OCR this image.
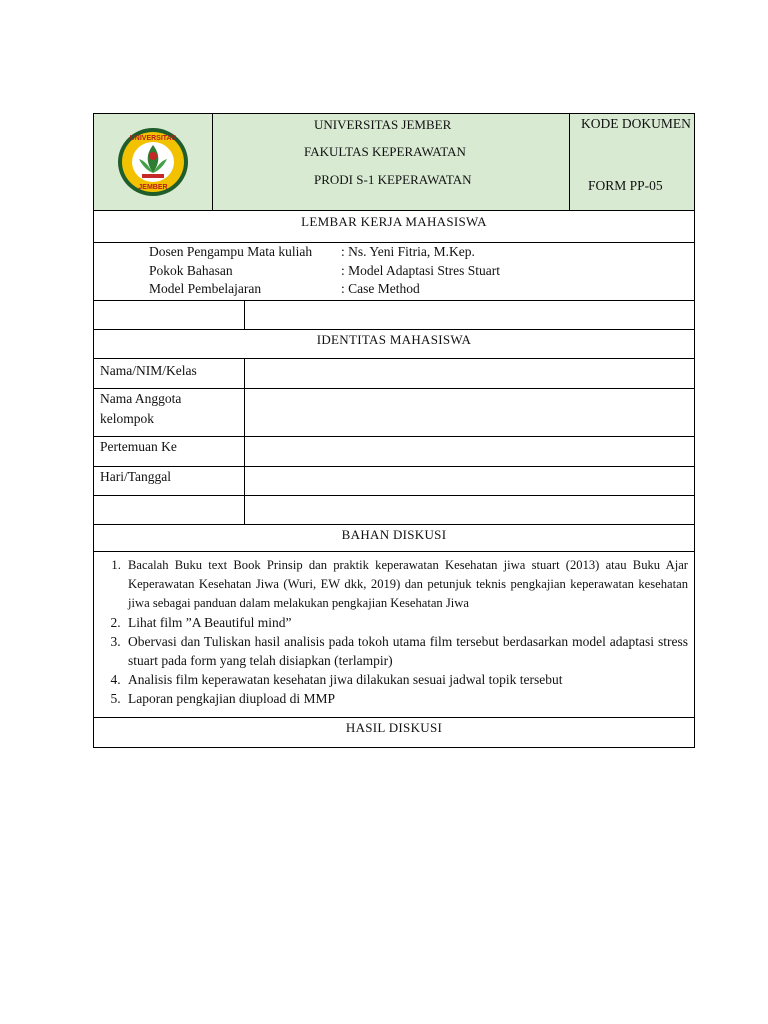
UNIVERSITAS
JEMBER
UNIVERSITAS JEMBER
FAKULTAS KEPERAWATAN
PRODI S-1 KEPERAWATAN
KODE DOKUMEN
FORM PP-05
LEMBAR KERJA MAHASISWA
Dosen Pengampu Mata kuliah : Ns. Yeni Fitria, M.Kep.
Pokok Bahasan	: Model Adaptasi Stres Stuart
Model Pembelajaran	: Case Method
IDENTITAS MAHASISWA
Nama/NIM/Kelas
Nama Anggota kelompok
Pertemuan Ke
Hari/Tanggal
BAHAN DISKUSI
1. Bacalah Buku text Book Prinsip dan praktik keperawatan Kesehatan jiwa stuart (2013) atau Buku Ajar Keperawatan Kesehatan Jiwa (Wuri, EW dkk, 2019) dan petunjuk teknis pengkajian keperawatan kesehatan jiwa sebagai panduan dalam melakukan pengkajian Kesehatan Jiwa
2. Lihat film ”A Beautiful mind”
3. Obervasi dan Tuliskan hasil analisis pada tokoh utama film tersebut berdasarkan model adaptasi stress stuart pada form yang telah disiapkan (terlampir)
4. Analisis film keperawatan kesehatan jiwa dilakukan sesuai jadwal topik tersebut
5. Laporan pengkajian diupload di MMP
HASIL DISKUSI
